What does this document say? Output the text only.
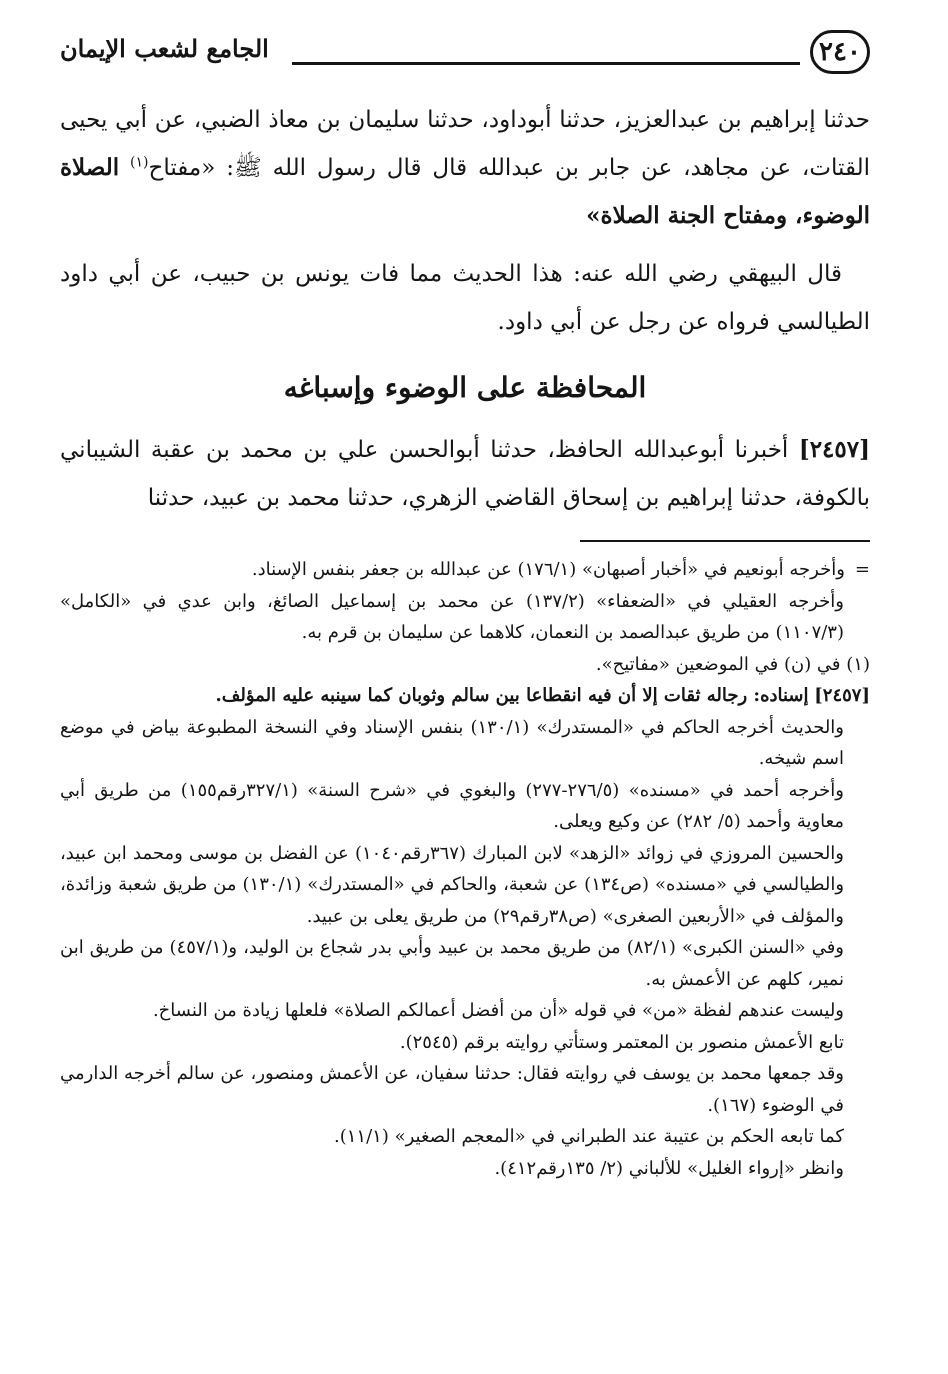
٢٤٠
الجامع لشعب الإيمان

حدثنا إبراهيم بن عبدالعزيز، حدثنا أبوداود، حدثنا سليمان بن معاذ الضبي، عن أبي يحيى القتات، عن مجاهد، عن جابر بن عبدالله قال قال رسول الله ﷺ: «مفتاح$^{(١)}$ الصلاة الوضوء، ومفتاح الجنة الصلاة»

قال البيهقي رضي الله عنه: هذا الحديث مما فات يونس بن حبيب، عن أبي داود الطيالسي فرواه عن رجل عن أبي داود.

المحافظة على الوضوء وإسباغه

[٢٤٥٧] أخبرنا أبوعبدالله الحافظ، حدثنا أبوالحسن علي بن محمد بن عقبة الشيباني بالكوفة، حدثنا إبراهيم بن إسحاق القاضي الزهري، حدثنا محمد بن عبيد، حدثنا

=وأخرجه أبونعيم في «أخبار أصبهان» (١٧٦/١) عن عبدالله بن جعفر بنفس الإسناد.

وأخرجه العقيلي في «الضعفاء» (١٣٧/٢) عن محمد بن إسماعيل الصائغ، وابن عدي في «الكامل» (١١٠٧/٣) من طريق عبدالصمد بن النعمان، كلاهما عن سليمان بن قرم به.

(١) في (ن) في الموضعين «مفاتيح».

[٢٤٥٧] إسناده: رجاله ثقات إلا أن فيه انقطاعا بين سالم وثوبان كما سينبه عليه المؤلف.

والحديث أخرجه الحاكم في «المستدرك» (١٣٠/١) بنفس الإسناد وفي النسخة المطبوعة بياض في موضع اسم شيخه.

وأخرجه أحمد في «مسنده» (٢٧٦/٥-٢٧٧) والبغوي في «شرح السنة» (٣٢٧/١رقم١٥٥) من طريق أبي معاوية وأحمد (٥/ ٢٨٢) عن وكيع ويعلى.

والحسين المروزي في زوائد «الزهد» لابن المبارك (٣٦٧رقم١٠٤٠) عن الفضل بن موسى ومحمد ابن عبيد، والطيالسي في «مسنده» (ص١٣٤) عن شعبة، والحاكم في «المستدرك» (١٣٠/١) من طريق شعبة وزائدة، والمؤلف في «الأربعين الصغرى» (ص٣٨رقم٢٩) من طريق يعلى بن عبيد.

وفي «السنن الكبرى» (٨٢/١) من طريق محمد بن عبيد وأبي بدر شجاع بن الوليد، و(٤٥٧/١) من طريق ابن نمير، كلهم عن الأعمش به.

وليست عندهم لفظة «من» في قوله «أن من أفضل أعمالكم الصلاة» فلعلها زيادة من النساخ.

تابع الأعمش منصور بن المعتمر وستأتي روايته برقم (٢٥٤٥).

وقد جمعها محمد بن يوسف في روايته فقال: حدثنا سفيان، عن الأعمش ومنصور، عن سالم أخرجه الدارمي في الوضوء (١٦٧).

كما تابعه الحكم بن عتيبة عند الطبراني في «المعجم الصغير» (١١/١).

وانظر «إرواء الغليل» للألباني (٢/ ١٣٥رقم٤١٢).
